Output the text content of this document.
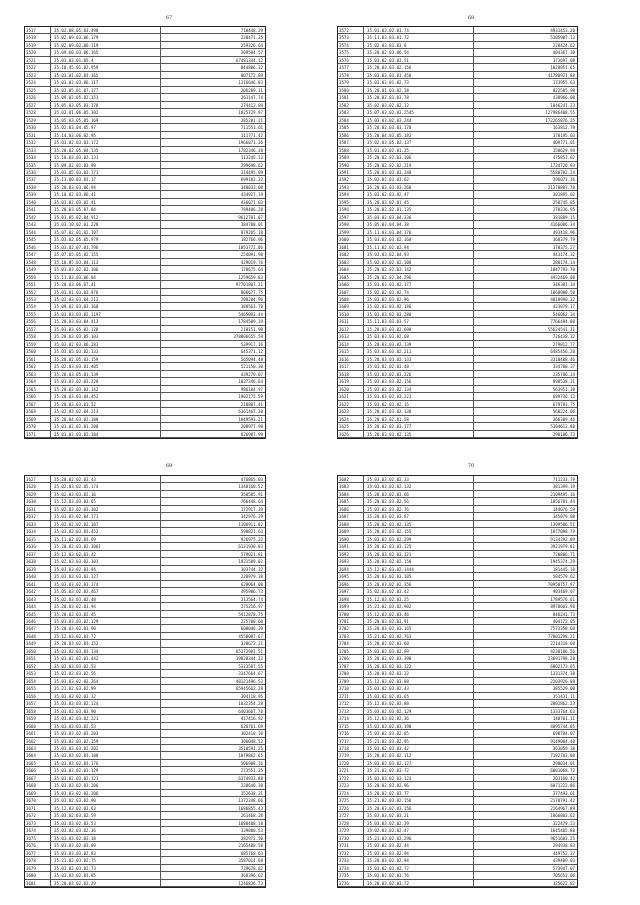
67
3517	35.02.08.05.03.498	710448.29
3518	35.02.09.03.06.179	230471.35
3519	35.02.09.02.06.119	259326.64
3520	35.09.60.03.06.165	209584.57
3521	35.03.03.01.05.4	67481344.12
3522	35.10.45.01.02.959	844806.32
3523	35.03.01.02.03.165	807172.89
3524	35.03.03.03.06.117	1316646.83
3525	35.03.05.01.07.177	206289.31
3526	35.09.02.05.02.151	261147.74
3527	35.05.03.05.03.178	274412.89
3528	35.02.01.06.05.302	1825729.97
3529	35.05.03.05.05.169	285201.21
3530	35.02.03.04.05.97	711551.61
3531	35.14.03.06.02.95	111771.42
3532	35.03.02.03.03.172	1966071.36
3533	35.20.02.05.04.135	1782346.38
3534	35.10.03.03.02.131	113245.13
3535	35.09.02.01.03.98	299698.62
3536	35.03.05.03.03.171	314495.89
3537	35.13.00.03.03.17	699182.22
3538	35.20.03.03.06.94	348033.08
3539	35.10.02.03.06.41	434927.19
3540	35.03.02.03.02.41	436071.03
3541	35.20.03.05.07.84	789406.28
3542	35.03.05.02.04.912	9612701.07
3543	35.03.10.02.01.228	384708.01
3544	35.07.02.01.02.107	879265.18
3545	35.03.02.05.05.979	182766.96
3546	35.03.02.07.01.796	1853772.06
3547	35.07.05.05.02.155	254091.98
3548	35.10.05.03.04.113	429019.76
3549	35.03.03.02.02.106	178675.64
3550	35.11.03.03.06.84	1259659.03
3551	35.20.03.06.07.41	97701807.21
3552	35.03.01.03.03.976	806677.75
3553	35.02.03.03.04.212	208204.96
3554	35.09.02.03.03.168	188561.70
3555	35.03.03.03.02.1197	5465093.44
3556	35.20.03.03.04.413	1784509.19
3557	35.03.03.05.02.128	210151.98
3558	35.20.03.03.05.103	378806655.59
3559	35.03.02.03.06.283	539917.16
3560	35.03.05.03.02.133	645371.12
3561	35.20.02.05.03.159	565094.48
3562	35.02.03.03.01.405	521150.30
3563	35.20.03.05.01.139	439279.07
3564	35.03.03.02.03.228	1037346.64
3565	35.20.02.03.03.142	986184.97
3566	35.20.03.03.04.452	1902175.59
3567	35.20.03.03.01.32	218807.41
3568	35.02.03.02.04.213	6361467.30
3569	35.20.04.03.02.108	1049593.21
3570	35.03.02.02.01.208	208977.98
3571	35.03.03.03.02.184	826907.99
68
3572	35.01.03.02.01.74	4931453.20
3573	35.11.03.03.01.72	5305907.13
3574	35.02.03.03.03.8	228424.62
3575	35.20.02.03.06.54	404367.30
3576	35.03.02.03.03.51	373697.08
3577	35.20.03.03.02.156	1028851.65
3578	35.03.03.03.01.458	41780921.88
3579	35.03.03.01.02.73	173955.63
3580	35.20.01.03.02.38	822585.98
3581	35.20.02.03.03.78	438966.08
3582	35.02.03.02.02.32	1046241.23
3583	35.07.03.02.03.2545	127986408.55
3584	35.03.03.02.03.244	172265876.25
3585	35.20.02.03.03.170	163812.79
3586	35.20.04.03.05.183	378195.03
3587	35.02.03.05.02.137	409771.01
3588	35.01.03.02.01.25	158629.94
3589	35.20.02.02.03.106	475853.02
3590	35.20.02.02.02.219	1734720.93
3591	35.20.03.03.03.248	5580782.24
3592	35.02.02.03.03.62	296073.16
3593	35.20.03.03.03.268	21370807.70
3594	35.03.02.03.02.47	301895.02
3595	35.20.03.02.01.45	258745.85
3596	35.20.02.02.01.135	278236.95
3597	35.03.02.03.04.336	381889.15
3598	35.05.03.04.04.38	4166086.34
3599	35.11.03.03.04.176	493418.96
3600	35.03.02.03.02.168	360379.79
3601	35.11.02.02.02.94	370375.27
3602	35.03.03.02.04.93	443174.32
3603	35.02.03.02.02.108	280174.14
3604	35.20.02.02.03.142	1047793.70
3605	35.20.02.02.04.296	4932469.00
3606	35.03.03.03.02.177	346381.34
3607	35.02.02.03.02.74	1068980.50
3608	35.03.02.03.02.96	4018990.32
3609	35.02.03.03.02.186	423878.17
3610	35.03.03.02.03.280	546062.34
3611	35.11.03.03.03.57	7766494.08
3612	35.20.03.03.02.690	55624541.31
3613	35.03.03.03.02.68	726438.32
3614	35.20.03.03.02.139	279812.77
3615	35.03.02.03.02.211	6485456.20
3616	35.20.03.03.02.133	3310408.46
3617	35.03.02.02.03.48	334700.37
3618	35.03.03.02.03.226	235786.24
3619	35.03.03.03.02.156	898538.31
3620	35.03.02.03.02.134	563951.38
3621	35.03.03.02.03.223	689736.13
3622	35.03.02.03.02.15	679783.75
3623	35.20.02.03.02.138	560224.06
3624	35.20.03.02.01.58	366389.46
3625	35.20.02.02.03.177	5304612.80
3626	35.20.03.03.02.135	290186.73
69
3627	35.20.02.02.03.43	476865.03
3628	35.02.03.02.05.174	1348160.52
3629	35.02.03.03.02.16	350585.91
3630	35.12.03.03.03.65	766448.64
3631	35.02.03.02.03.102	172917.39
3632	35.03.03.02.04.171	342976.29
3633	35.02.02.02.02.187	1106911.02
3634	35.03.02.03.03.452	598821.63
3635	35.11.02.02.03.69	926975.22
3636	35.20.03.03.02.1061	6131930.83
3637	35.12.03.02.03.42	579021.81
3638	35.02.03.03.03.101	1931509.02
3639	35.03.03.02.03.94	303744.32
3640	35.03.03.03.03.127	228979.38
3641	35.03.03.02.03.174	620064.08
3642	35.05.03.02.03.467	495906.73
3643	35.02.03.03.02.48	313564.74
3644	35.20.03.02.03.94	275216.97
3645	35.20.02.03.02.45	5412878.75
3646	35.03.03.03.02.129	225700.60
3647	35.20.03.02.03.90	608046.39
3648	35.12.03.02.03.72	4558087.67
3649	35.20.03.02.03.152	328672.21
3650	35.03.02.03.03.134	65372981.51
3651	35.03.02.02.03.442	19828344.32
3652	35.02.03.03.02.53	5323587.55
3653	35.03.02.03.02.56	3347664.67
3654	35.03.03.02.03.264	40121496.53
3655	35.21.02.03.02.99	65945662.28
3656	35.03.03.02.03.32	304118.95
3657	35.03.03.03.02.124	1032354.28
3658	35.03.02.03.03.90	6403667.70
3659	35.03.02.03.02.221	417416.92
3660	35.03.03.03.02.53	626761.69
3661	35.03.03.02.03.203	302418.10
3662	35.03.02.03.02.159	306048.52
3663	35.03.03.03.02.202	3510591.25
3664	35.03.03.02.03.108	1079862.65
3665	35.03.03.02.03.176	506908.16
3666	35.03.03.02.03.129	273551.25
3667	35.03.02.03.02.121	6374933.88
3668	35.03.03.02.03.206	228640.38
3669	35.03.03.02.03.206	352638.21
3670	35.03.02.03.02.90	1372348.66
3671	35.12.03.02.03.63	1686855.43
3672	35.03.02.03.02.59	261468.28
3673	35.03.03.02.03.53	1680408.18
3674	35.03.02.03.02.36	339800.53
3675	35.03.03.02.03.38	282972.50
3676	35.03.03.02.03.89	2165408.58
3677	35.03.03.03.02.83	685768.63
3678	35.21.02.03.02.75	3587014.68
3679	35.03.02.03.02.73	729678.82
3680	35.03.03.02.03.85	368396.62
3681	35.20.03.02.02.29	1246836.73
70
3682	35.03.03.02.02.33	711233.79
3683	35.03.03.02.02.132	381399.19
3684	35.20.03.02.03.66	2109495.16
3685	35.20.02.03.02.56	1056781.44
3686	35.03.02.03.02.76	144076.59
3687	35.20.03.02.03.87	345079.88
3688	35.20.02.03.02.135	1399586.51
3689	35.20.02.03.02.155	1877098.79
3690	35.03.02.03.02.299	9134392.09
3691	35.20.02.03.03.125	3921979.01
3692	35.20.03.02.03.321	720806.71
3693	35.20.03.02.02.150	1945374.29
3694	35.12.02.03.02.1444	181445.18
3695	35.20.03.02.03.105	584579.62
3696	35.20.03.02.02.356	70950757.97
3697	35.02.03.02.03.42	903469.07
3698	35.12.03.02.03.25	1789576.61
3699	35.21.02.03.02.902	8978603.98
3700	35.12.03.02.03.46	846241.73
3701	35.20.03.02.03.91	404173.05
3702	35.20.03.02.03.165	7573358.60
3703	35.21.02.03.02.763	77801298.21
3704	35.20.02.02.03.60	2214318.60
3705	35.03.02.03.02.99	4238186.56
3706	35.20.03.02.03.398	23691798.28
3707	35.20.03.02.03.122	6802173.65
3708	35.20.03.02.03.22	1331374.38
3709	35.12.03.02.03.88	2203926.08
3710	35.03.02.03.02.43	385529.00
3711	35.03.02.02.03.65	351431.11
3712	35.12.03.02.03.88	2001862.23
3713	35.03.02.03.02.129	1333764.63
3714	35.12.03.02.02.36	148701.11
3715	35.03.03.02.03.190	4895744.05
3716	35.03.02.03.02.85	698784.07
3717	35.21.02.03.02.95	9149084.40
3718	35.03.02.03.03.42	363059.38
3719	35.20.02.03.02.112	7182703.00
3720	35.03.02.03.02.127	298034.01
3721	35.21.03.02.03.72	6001068.72
3722	35.03.03.02.03.123	203160.42
3723	35.20.02.03.02.96	6071222.06
3724	35.20.02.02.03.77	377493.01
3725	35.21.02.03.02.156	2178791.42
3726	35.20.03.02.03.156	2164967.89
3727	35.03.03.02.03.21	1066883.62
3728	35.03.03.02.02.39	322479.23
3729	35.02.03.02.02.47	1645405.88
3730	35.21.03.02.02.296	9651603.25
3731	35.03.02.03.02.44	294938.83
3732	35.03.03.03.02.94	449752.37
3733	35.20.03.02.02.94	439409.03
3734	35.03.02.03.02.72	573947.07
3735	35.03.02.02.03.76	705653.06
3736	35.20.03.02.03.72	325622.82
